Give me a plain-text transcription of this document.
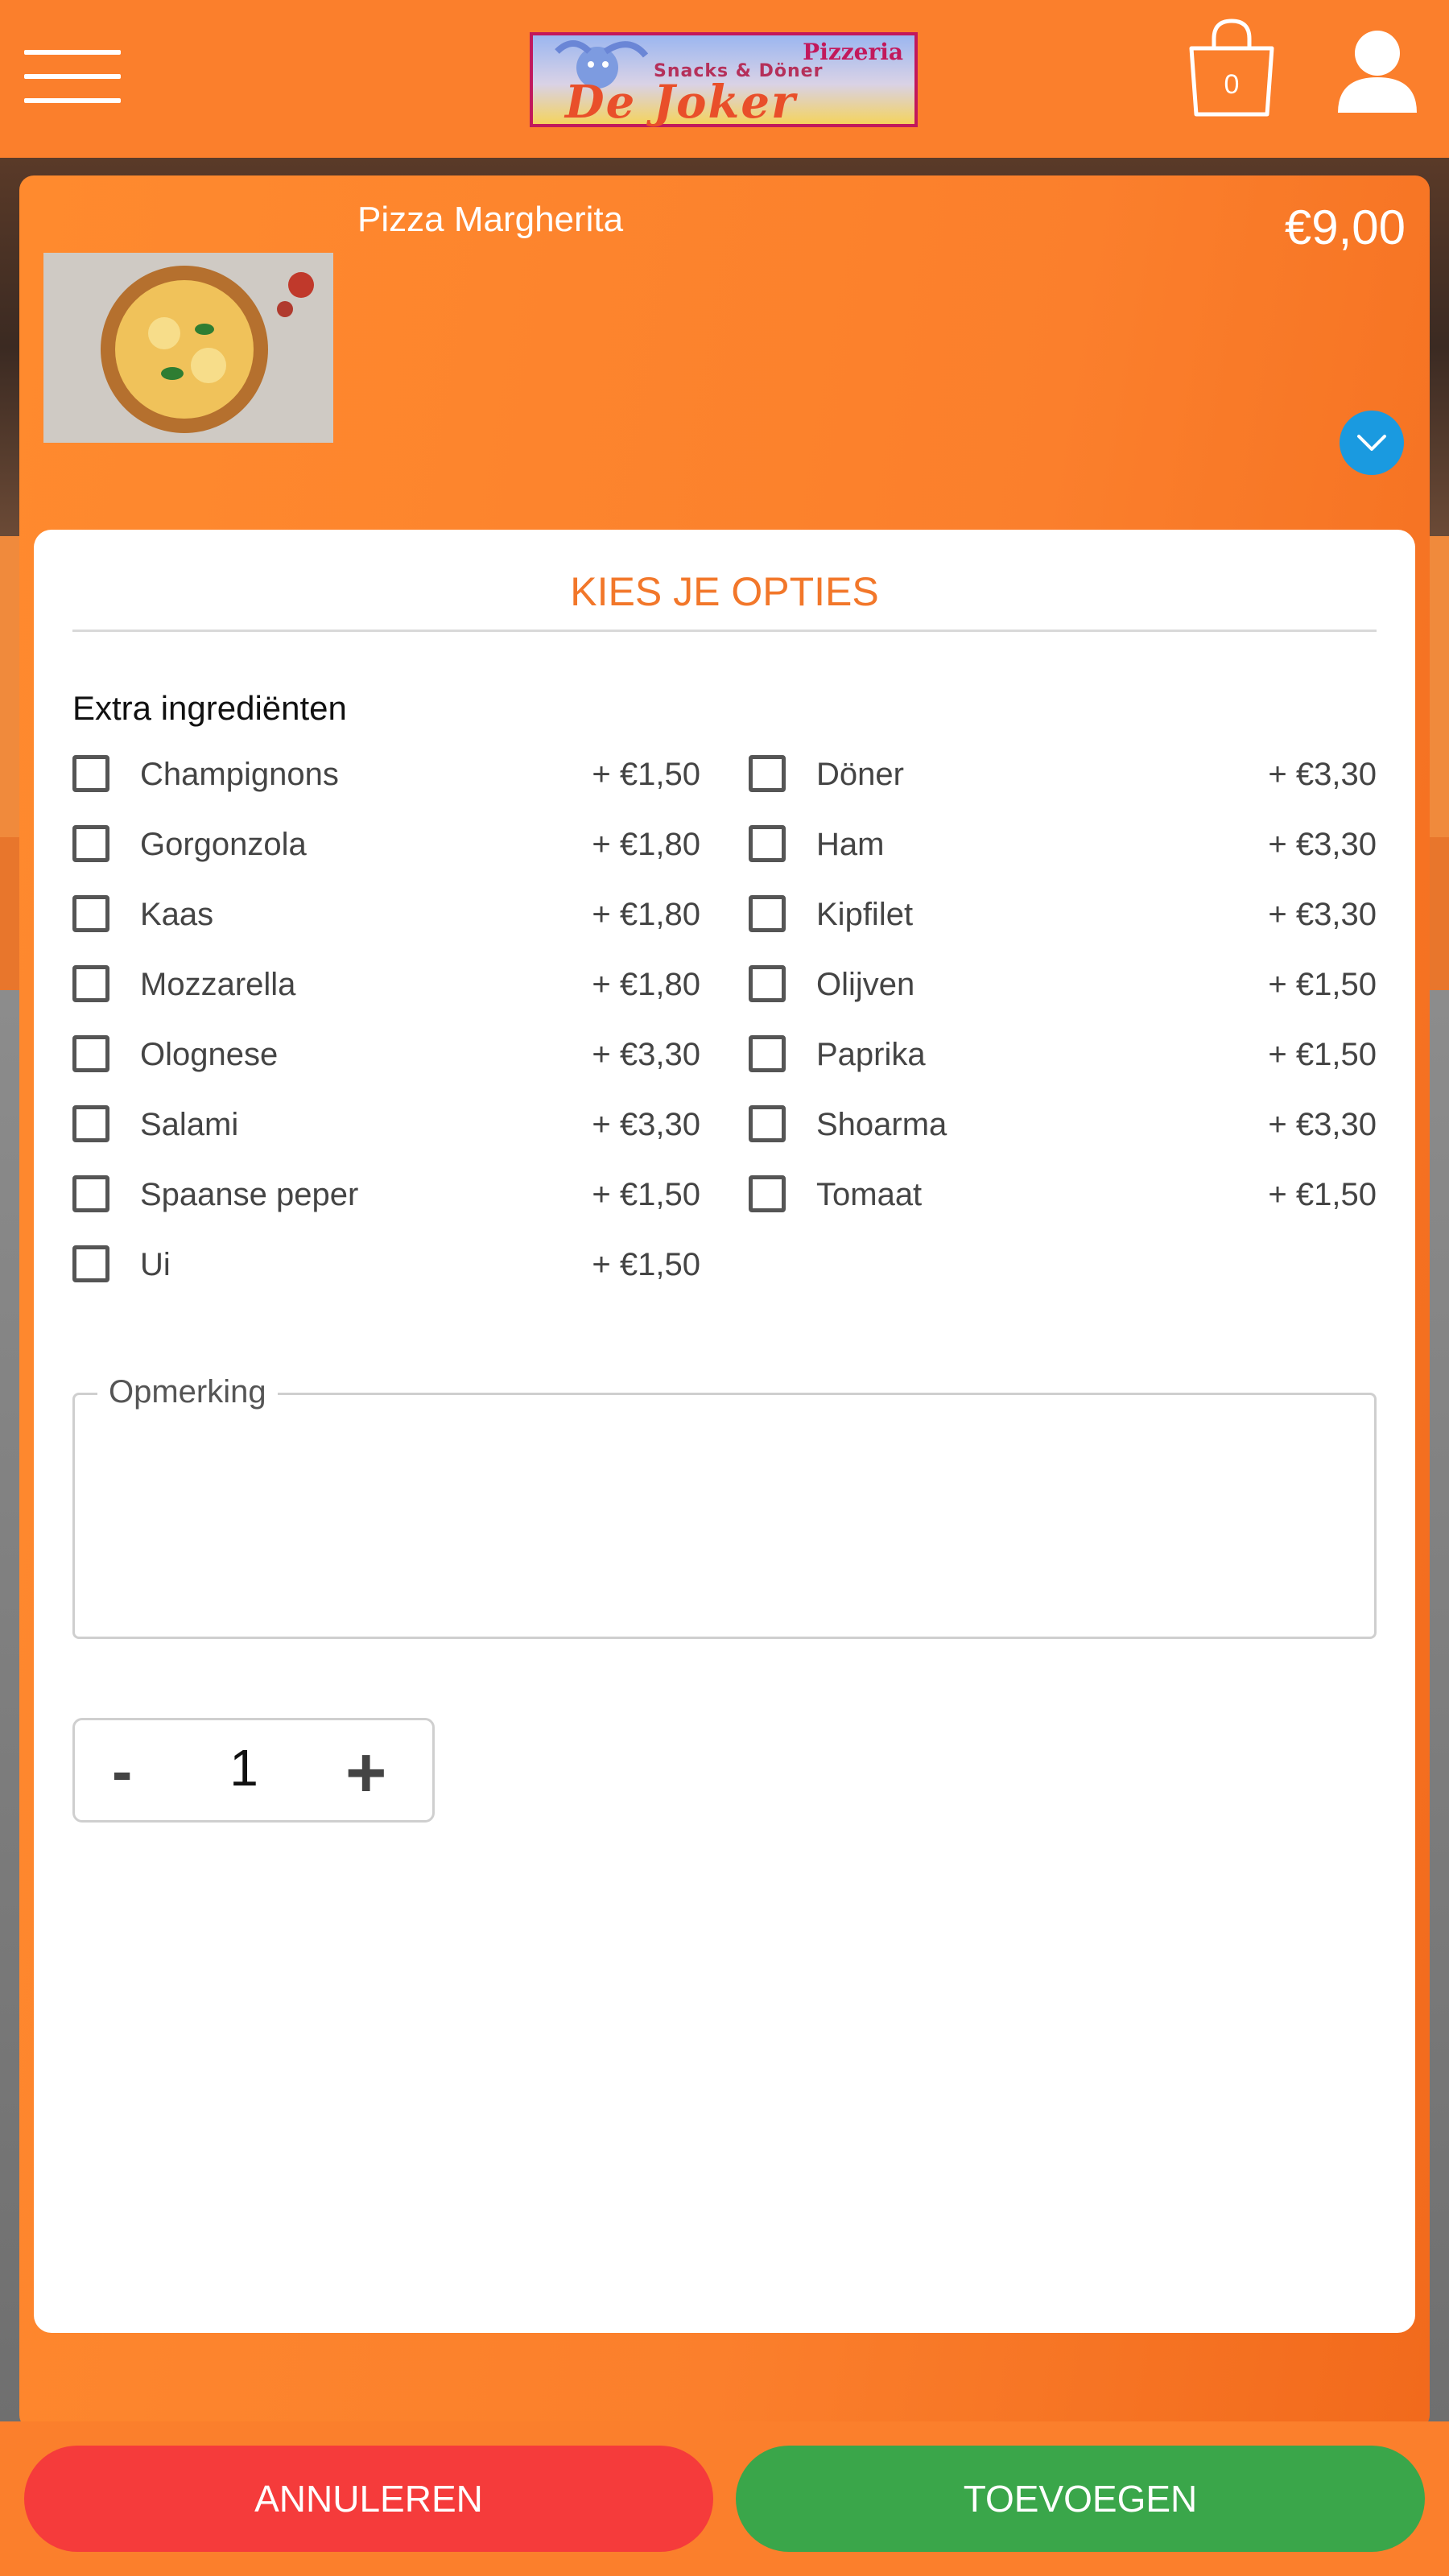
Pizzeria
Snacks & Döner
De Joker	0
Pizza Margherita	€9,00
KIES JE OPTIES
Extra ingrediënten
Champignons	+ €1,50
Gorgonzola	+ €1,80
Kaas	+ €1,80
Mozzarella	+ €1,80
Olognese	+ €3,30
Salami	+ €3,30
Spaanse peper	+ €1,50
Ui	+ €1,50
Döner	+ €3,30
Ham	+ €3,30
Kipfilet	+ €3,30
Olijven	+ €1,50
Paprika	+ €1,50
Shoarma	+ €3,30
Tomaat	+ €1,50
Opmerking
- 1 +
ANNULEREN	TOEVOEGEN
